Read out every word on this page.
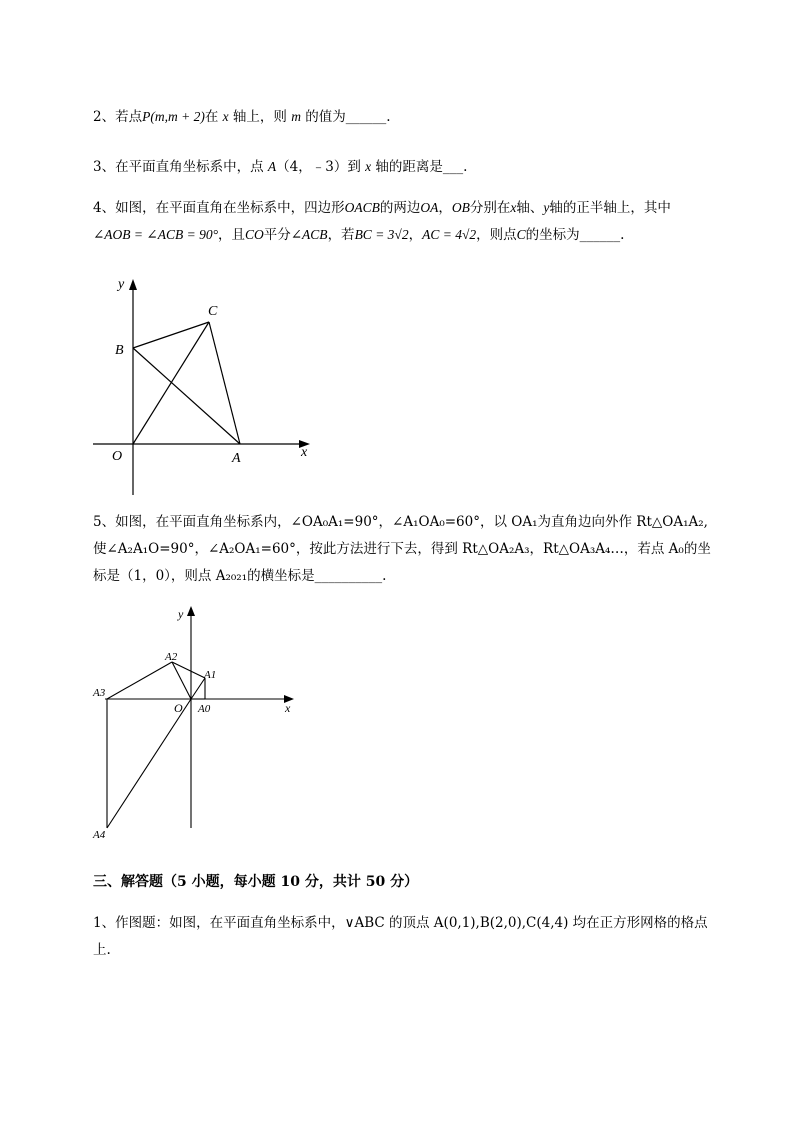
2、若点P(m,m + 2)在 x 轴上，则 m 的值为______.
3、在平面直角坐标系中，点 A（4，﹣3）到 x 轴的距离是___.
4、如图，在平面直角在坐标系中，四边形OACB的两边OA，OB分别在x轴、y轴的正半轴上，其中
∠AOB = ∠ACB = 90°，且CO平分∠ACB，若BC = 3√2，AC = 4√2，则点C的坐标为______.
y
x
O	A
B
C
5、如图，在平面直角坐标系内，∠OA₀A₁=90°，∠A₁OA₀=60°，以 OA₁为直角边向外作 Rt△OA₁A₂,
使∠A₂A₁O=90°，∠A₂OA₁=60°，按此方法进行下去，得到 Rt△OA₂A₃，Rt△OA₃A₄…，若点 A₀的坐
标是（1，0），则点 A₂₀₂₁的横坐标是__________.
y
x
O A0
A1
A2
A3
A4
三、解答题（5 小题，每小题 10 分，共计 50 分）
1、作图题：如图，在平面直角坐标系中，∨ABC 的顶点 A(0,1),B(2,0),C(4,4) 均在正方形网格的格点
上.
